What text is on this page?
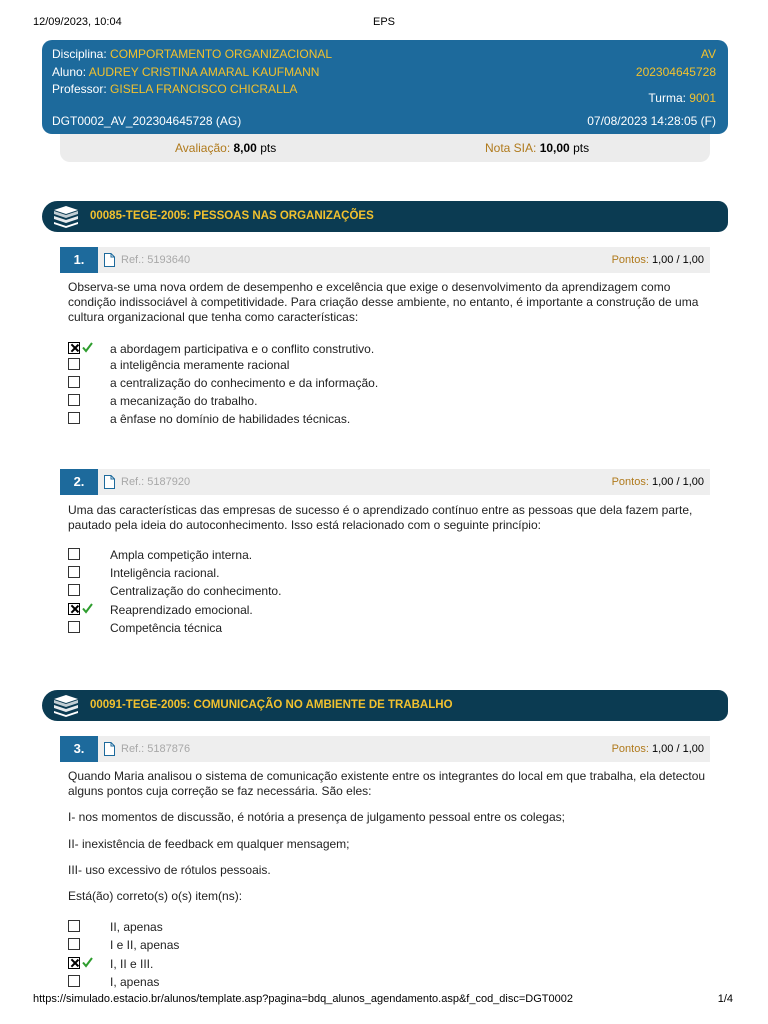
12/09/2023, 10:04	EPS
Disciplina: COMPORTAMENTO ORGANIZACIONAL
Aluno: AUDREY CRISTINA AMARAL KAUFMANN
Professor: GISELA FRANCISCO CHICRALLA
AV
202304645728
Turma: 9001
DGT0002_AV_202304645728 (AG)	07/08/2023 14:28:05 (F)
Avaliação: 8,00 pts	Nota SIA: 10,00 pts
00085-TEGE-2005: PESSOAS NAS ORGANIZAÇÕES
1.	Ref.: 5193640	Pontos: 1,00 / 1,00
Observa-se uma nova ordem de desempenho e excelência que exige o desenvolvimento da aprendizagem como condição indissociável à competitividade. Para criação desse ambiente, no entanto, é importante a construção de uma cultura organizacional que tenha como características:
a abordagem participativa e o conflito construtivo.
a inteligência meramente racional
a centralização do conhecimento e da informação.
a mecanização do trabalho.
a ênfase no domínio de habilidades técnicas.
2.	Ref.: 5187920	Pontos: 1,00 / 1,00
Uma das características das empresas de sucesso é o aprendizado contínuo entre as pessoas que dela fazem parte, pautado pela ideia do autoconhecimento. Isso está relacionado com o seguinte princípio:
Ampla competição interna.
Inteligência racional.
Centralização do conhecimento.
Reaprendizado emocional.
Competência técnica
00091-TEGE-2005: COMUNICAÇÃO NO AMBIENTE DE TRABALHO
3.	Ref.: 5187876	Pontos: 1,00 / 1,00
Quando Maria analisou o sistema de comunicação existente entre os integrantes do local em que trabalha, ela detectou alguns pontos cuja correção se faz necessária. São eles:
I- nos momentos de discussão, é notória a presença de julgamento pessoal entre os colegas;
II- inexistência de feedback em qualquer mensagem;
III- uso excessivo de rótulos pessoais.
Está(ão) correto(s) o(s) item(ns):
II, apenas
I e II, apenas
I, II e III.
I, apenas
https://simulado.estacio.br/alunos/template.asp?pagina=bdq_alunos_agendamento.asp&f_cod_disc=DGT0002	1/4
